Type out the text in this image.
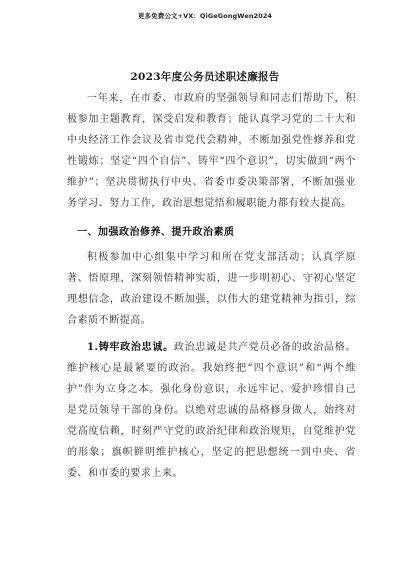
更多免费公文+VX：QiGeGongWen2024
2023年度公务员述职述廉报告

一年来，在市委、市政府的坚强领导和同志们帮助下，积极参加主题教育，深受启发和教育；能认真学习党的二十大和中央经济工作会议及省市党代会精神，不断加强党性修养和党性锻炼；坚定“四个自信”、铸牢“四个意识”，切实做到“两个维护”；坚决贯彻执行中央、省委市委决策部署，不断加强业务学习、努力工作，政治思想觉悟和履职能力都有较大提高。

一、加强政治修养、提升政治素质

积极参加中心组集中学习和所在党支部活动；认真学原著、悟原理，深刻领悟精神实质，进一步明初心、守初心坚定理想信念，政治建设不断加强，以伟大的建党精神为指引，综合素质不断提高。

1.铸牢政治忠诚。政治忠诚是共产党员必备的政治品格。维护核心是最紧要的政治。我始终把“四个意识”和“两个维护”作为立身之本。强化身份意识，永远牢记、爱护珍惜自己是党员领导干部的身份。以绝对忠诚的品格修身做人，始终对党高度信赖，时刻严守党的政治纪律和政治规矩，自觉维护党的形象；旗帜鲜明维护核心，坚定的把思想统一到中央、省委、和市委的要求上来。
